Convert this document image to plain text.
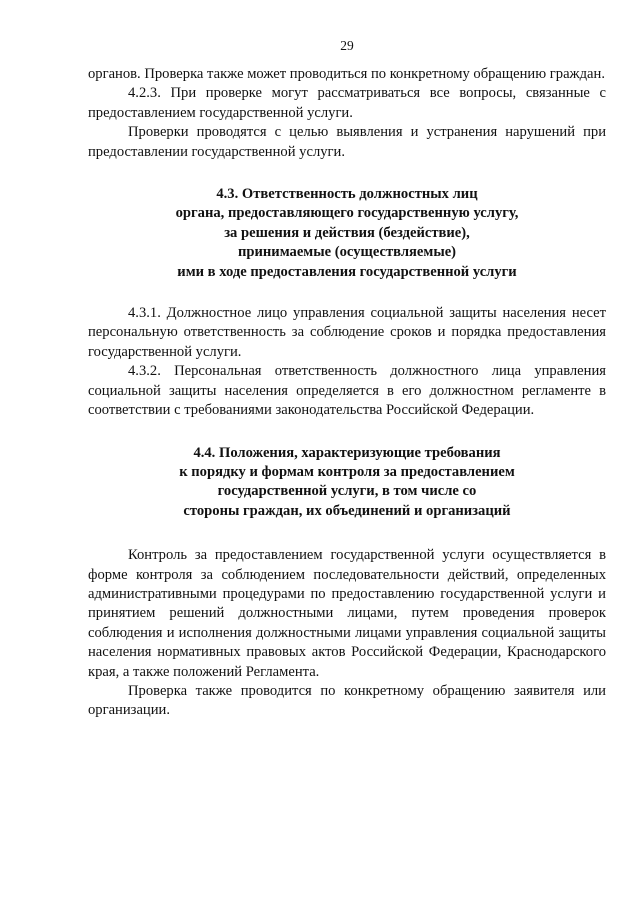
29

органов. Проверка также может проводиться по конкретному обращению граждан.

4.2.3. При проверке могут рассматриваться все вопросы, связанные с предоставлением государственной услуги.

Проверки проводятся с целью выявления и устранения нарушений при предоставлении государственной услуги.

4.3. Ответственность должностных лиц
органа, предоставляющего государственную услугу,
за решения и действия (бездействие),
принимаемые (осуществляемые)
ими в ходе предоставления государственной услуги

4.3.1. Должностное лицо управления социальной защиты населения несет персональную ответственность за соблюдение сроков и порядка предоставления государственной услуги.

4.3.2. Персональная ответственность должностного лица управления социальной защиты населения определяется в его должностном регламенте в соответствии с требованиями законодательства Российской Федерации.

4.4. Положения, характеризующие требования
к порядку и формам контроля за предоставлением
государственной услуги, в том числе со
стороны граждан, их объединений и организаций

Контроль за предоставлением государственной услуги осуществляется в форме контроля за соблюдением последовательности действий, определенных административными процедурами по предоставлению государственной услуги и принятием решений должностными лицами, путем проведения проверок соблюдения и исполнения должностными лицами управления социальной защиты населения нормативных правовых актов Российской Федерации, Краснодарского края, а также положений Регламента.

Проверка также проводится по конкретному обращению заявителя или организации.
